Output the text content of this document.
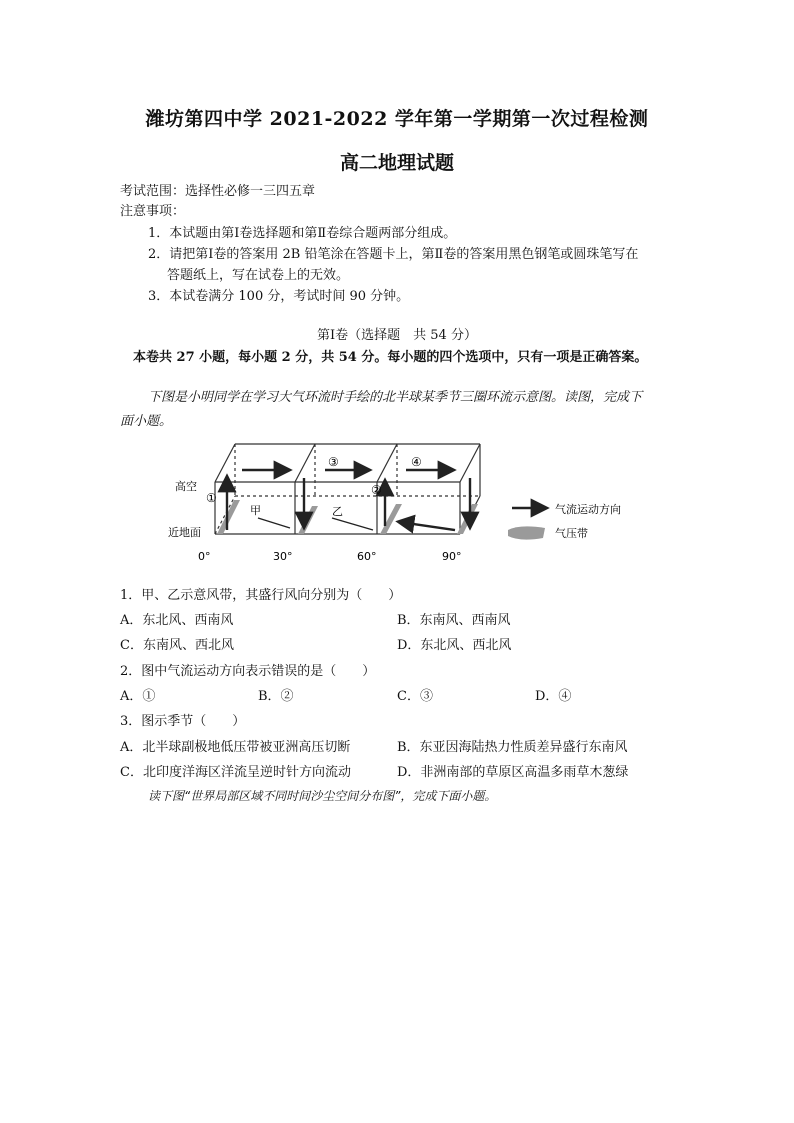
潍坊第四中学 2021-2022 学年第一学期第一次过程检测
高二地理试题
考试范围：选择性必修一三四五章
注意事项：
1．本试题由第Ⅰ卷选择题和第Ⅱ卷综合题两部分组成。
2．请把第Ⅰ卷的答案用 2B 铅笔涂在答题卡上，第Ⅱ卷的答案用黑色钢笔或圆珠笔写在
答题纸上，写在试卷上的无效。
3．本试卷满分 100 分，考试时间 90 分钟。
第Ⅰ卷（选择题　共 54 分）
本卷共 27 小题，每小题 2 分，共 54 分。每小题的四个选项中，只有一项是正确答案。
下图是小明同学在学习大气环流时手绘的北半球某季节三圈环流示意图。读图，完成下
面小题。
高空
近地面
①
②
③	④
甲	乙
0°	30°	60°	90°
气流运动方向
气压带
1．甲、乙示意风带，其盛行风向分别为（　　）
A．东北风、西南风	B．东南风、西南风
C．东南风、西北风	D．东北风、西北风
2．图中气流运动方向表示错误的是（　　）
A．①	B．②	C．③	D．④
3．图示季节（　　）
A．北半球副极地低压带被亚洲高压切断	B．东亚因海陆热力性质差异盛行东南风
C．北印度洋海区洋流呈逆时针方向流动	D．非洲南部的草原区高温多雨草木葱绿
读下图“世界局部区域不同时间沙尘空间分布图”，完成下面小题。
